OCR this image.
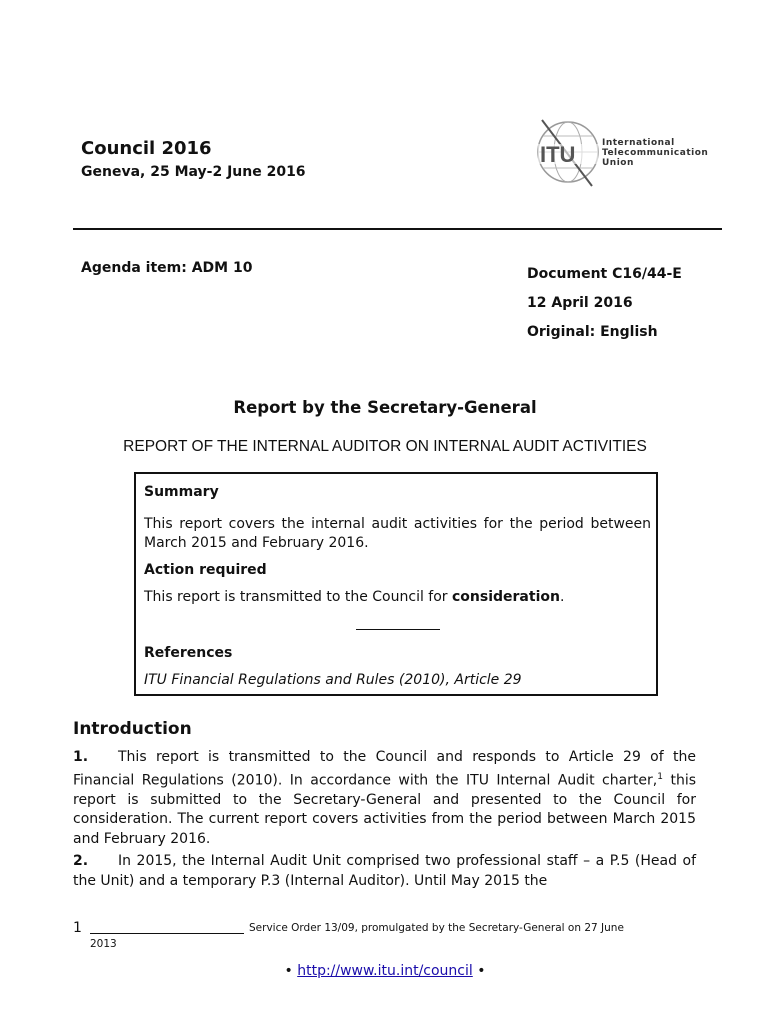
Council 2016
Geneva, 25 May-2 June 2016
ITU	International
Telecommunication
Union
Agenda item: ADM 10	Document C16/44-E
12 April 2016
Original: English
Report by the Secretary-General
REPORT OF THE INTERNAL AUDITOR ON INTERNAL AUDIT ACTIVITIES
Summary
This report covers the internal audit activities for the period between March 2015 and February 2016.
Action required
This report is transmitted to the Council for consideration.
References
ITU Financial Regulations and Rules (2010), Article 29
Introduction
1. This report is transmitted to the Council and responds to Article 29 of the Financial Regulations (2010). In accordance with the ITU Internal Audit charter,$^1$ this report is submitted to the Secretary-General and presented to the Council for consideration. The current report covers activities from the period between March 2015 and February 2016.
2. In 2015, the Internal Audit Unit comprised two professional staff – a P.5 (Head of the Unit) and a temporary P.3 (Internal Auditor). Until May 2015 the
1	Service Order 13/09, promulgated by the Secretary-General on 27 June
2013
• http://www.itu.int/council •
